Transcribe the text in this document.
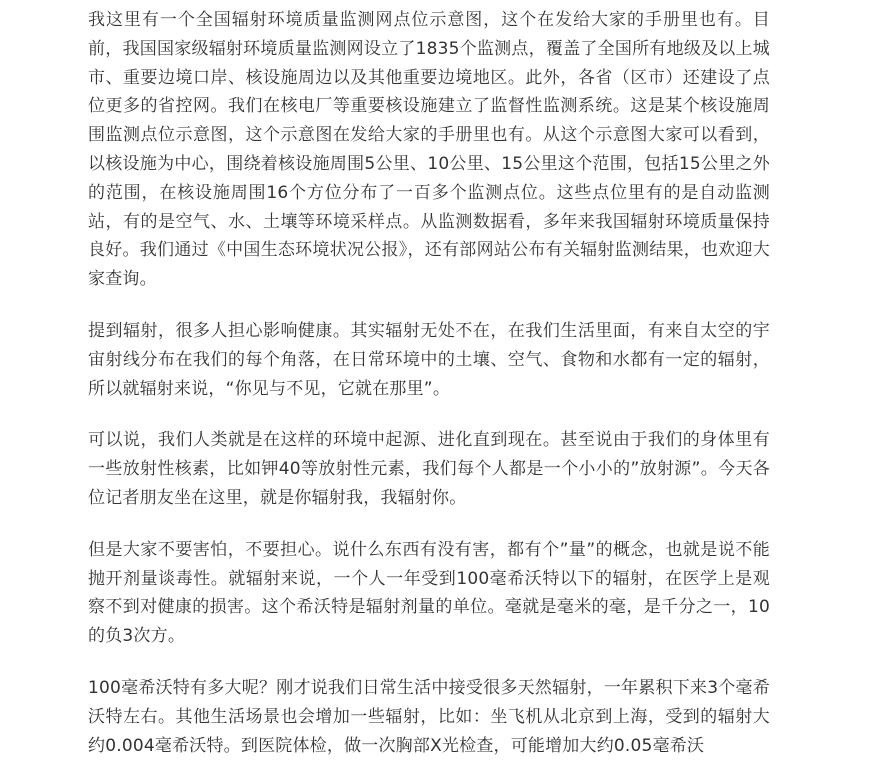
我这里有一个全国辐射环境质量监测网点位示意图，这个在发给大家的手册里也有。目前，我国国家级辐射环境质量监测网设立了1835个监测点，覆盖了全国所有地级及以上城市、重要边境口岸、核设施周边以及其他重要边境地区。此外，各省（区市）还建设了点位更多的省控网。我们在核电厂等重要核设施建立了监督性监测系统。这是某个核设施周围监测点位示意图，这个示意图在发给大家的手册里也有。从这个示意图大家可以看到，以核设施为中心，围绕着核设施周围5公里、10公里、15公里这个范围，包括15公里之外的范围，在核设施周围16个方位分布了一百多个监测点位。这些点位里有的是自动监测站，有的是空气、水、土壤等环境采样点。从监测数据看，多年来我国辐射环境质量保持良好。我们通过《中国生态环境状况公报》，还有部网站公布有关辐射监测结果，也欢迎大家查询。

提到辐射，很多人担心影响健康。其实辐射无处不在，在我们生活里面，有来自太空的宇宙射线分布在我们的每个角落，在日常环境中的土壤、空气、食物和水都有一定的辐射，所以就辐射来说，“你见与不见，它就在那里”。

可以说，我们人类就是在这样的环境中起源、进化直到现在。甚至说由于我们的身体里有一些放射性核素，比如钾40等放射性元素，我们每个人都是一个小小的”放射源”。今天各位记者朋友坐在这里，就是你辐射我，我辐射你。

但是大家不要害怕，不要担心。说什么东西有没有害，都有个”量”的概念，也就是说不能抛开剂量谈毒性。就辐射来说，一个人一年受到100毫希沃特以下的辐射，在医学上是观察不到对健康的损害。这个希沃特是辐射剂量的单位。毫就是毫米的毫，是千分之一，10的负3次方。

100毫希沃特有多大呢？刚才说我们日常生活中接受很多天然辐射，一年累积下来3个毫希沃特左右。其他生活场景也会增加一些辐射，比如：坐飞机从北京到上海，受到的辐射大约0.004毫希沃特。到医院体检，做一次胸部X光检查，可能增加大约0.05毫希沃
